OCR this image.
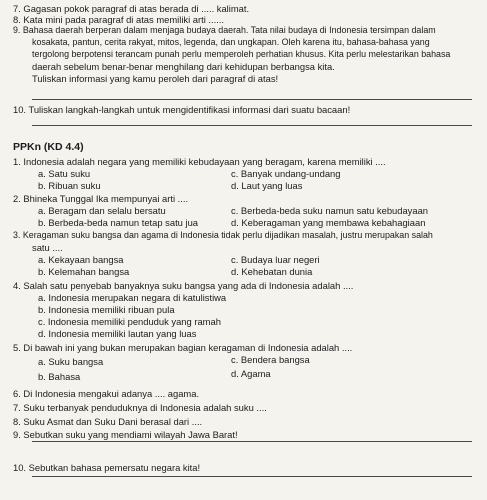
7. Gagasan pokok paragraf di atas berada di ..... kalimat.
8. Kata mini pada paragraf di atas memiliki arti ......
9. Bahasa daerah berperan dalam menjaga budaya daerah. Tata nilai budaya di Indonesia tersimpan dalam
kosakata, pantun, cerita rakyat, mitos, legenda, dan ungkapan. Oleh karena itu, bahasa-bahasa yang
tergolong berpotensi terancam punah perlu memperoleh perhatian khusus. Kita perlu melestarikan bahasa
daerah sebelum benar-benar menghilang dari kehidupan berbangsa kita.
Tuliskan informasi yang kamu peroleh dari paragraf di atas!
10. Tuliskan langkah-langkah untuk mengidentifikasi informasi dari suatu bacaan!
PPKn (KD 4.4)
1. Indonesia adalah negara yang memiliki kebudayaan yang beragam, karena memiliki ....
a. Satu suku	c. Banyak undang-undang
b. Ribuan suku	d. Laut yang luas
2. Bhineka Tunggal Ika mempunyai arti ....
a. Beragam dan selalu bersatu	c. Berbeda-beda suku namun satu kebudayaan
b. Berbeda-beda namun tetap satu jua	d. Keberagaman yang membawa kebahagiaan
3. Keragaman suku bangsa dan agama di Indonesia tidak perlu dijadikan masalah, justru merupakan salah
satu ....
a. Kekayaan bangsa	c. Budaya luar negeri
b. Kelemahan bangsa	d. Kehebatan dunia
4. Salah satu penyebab banyaknya suku bangsa yang ada di Indonesia adalah ....
a. Indonesia merupakan negara di katulistiwa
b. Indonesia memiliki ribuan pula
c. Indonesia memiliki penduduk yang ramah
d. Indonesia memiliki lautan yang luas
5. Di bawah ini yang bukan merupakan bagian keragaman di Indonesia adalah ....
a. Suku bangsa	c. Bendera bangsa
b. Bahasa	d. Agama
6. Di Indonesia mengakui adanya .... agama.
7. Suku terbanyak penduduknya di Indonesia adalah suku ....
8. Suku Asmat dan Suku Dani berasal dari ....
9. Sebutkan suku yang mendiami wilayah Jawa Barat!
10. Sebutkan bahasa pemersatu negara kita!
